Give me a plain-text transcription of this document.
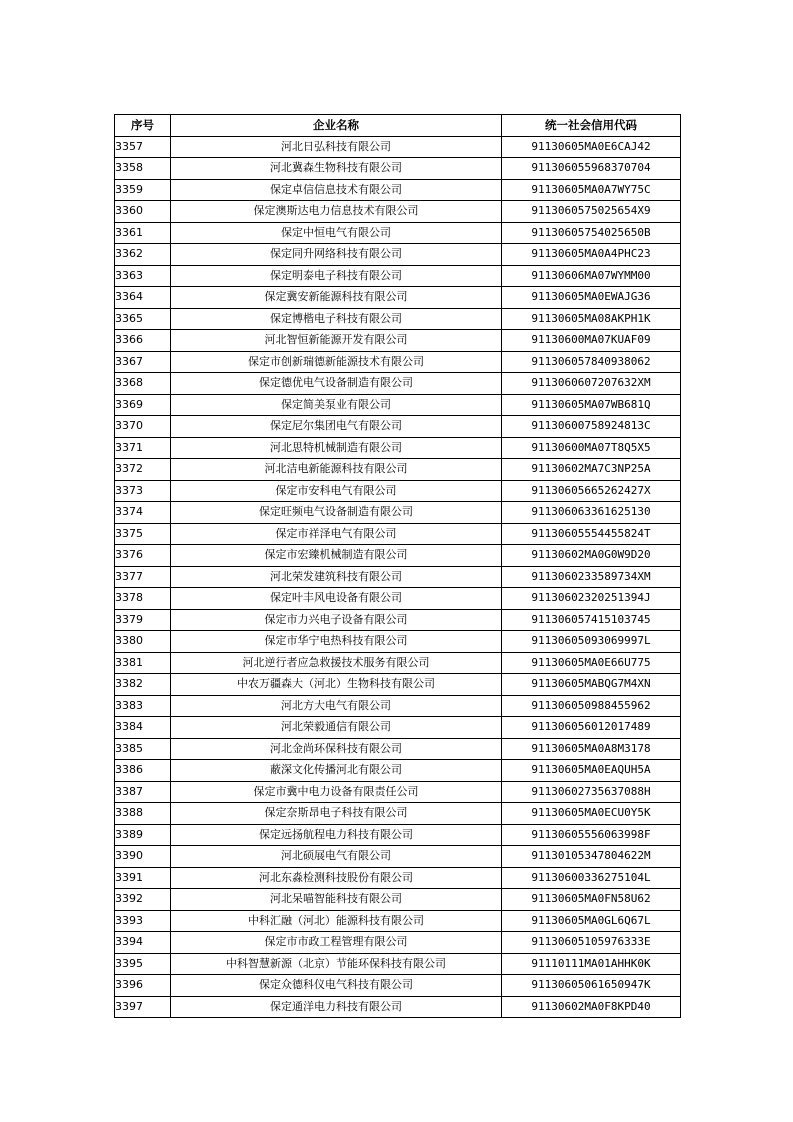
序号	企业名称	统一社会信用代码
3357	河北日弘科技有限公司	91130605MA0E6CAJ42
3358	河北冀森生物科技有限公司	911306055968370704
3359	保定卓信信息技术有限公司	91130605MA0A7WY75C
3360	保定澳斯达电力信息技术有限公司	9113060575025654X9
3361	保定中恒电气有限公司	91130605754025650B
3362	保定同升网络科技有限公司	91130605MA0A4PHC23
3363	保定明泰电子科技有限公司	91130606MA07WYMM00
3364	保定冀安新能源科技有限公司	91130605MA0EWAJG36
3365	保定博楷电子科技有限公司	91130605MA08AKPH1K
3366	河北智恒新能源开发有限公司	91130600MA07KUAF09
3367	保定市创新瑞德新能源技术有限公司	911306057840938062
3368	保定德优电气设备制造有限公司	9113060607207632XM
3369	保定简美泵业有限公司	91130605MA07WB681Q
3370	保定尼尔集团电气有限公司	91130600758924813C
3371	河北思特机械制造有限公司	91130600MA07T8Q5X5
3372	河北洁电新能源科技有限公司	91130602MA7C3NP25A
3373	保定市安科电气有限公司	91130605665262427X
3374	保定旺频电气设备制造有限公司	911306063361625130
3375	保定市祥泽电气有限公司	91130605554455824T
3376	保定市宏臻机械制造有限公司	91130602MA0G0W9D20
3377	河北荣发建筑科技有限公司	9113060233589734XM
3378	保定叶丰风电设备有限公司	91130602320251394J
3379	保定市力兴电子设备有限公司	911306057415103745
3380	保定市华宁电热科技有限公司	91130605093069997L
3381	河北逆行者应急救援技术服务有限公司	91130605MA0E66U775
3382	中农万疆森大（河北）生物科技有限公司	91130605MABQG7M4XN
3383	河北方大电气有限公司	911306050988455962
3384	河北荣毅通信有限公司	911306056012017489
3385	河北金尚环保科技有限公司	91130605MA0A8M3178
3386	蔽深文化传播河北有限公司	91130605MA0EAQUH5A
3387	保定市冀中电力设备有限责任公司	91130602735637088H
3388	保定奈斯昂电子科技有限公司	91130605MA0ECU0Y5K
3389	保定远扬航程电力科技有限公司	91130605556063998F
3390	河北硕展电气有限公司	91130105347804622M
3391	河北东淼检测科技股份有限公司	91130600336275104L
3392	河北呆喵智能科技有限公司	91130605MA0FN58U62
3393	中科汇融（河北）能源科技有限公司	91130605MA0GL6Q67L
3394	保定市市政工程管理有限公司	91130605105976333E
3395	中科智慧新源（北京）节能环保科技有限公司	91110111MA01AHHK0K
3396	保定众德科仪电气科技有限公司	91130605061650947K
3397	保定通洋电力科技有限公司	91130602MA0F8KPD40
